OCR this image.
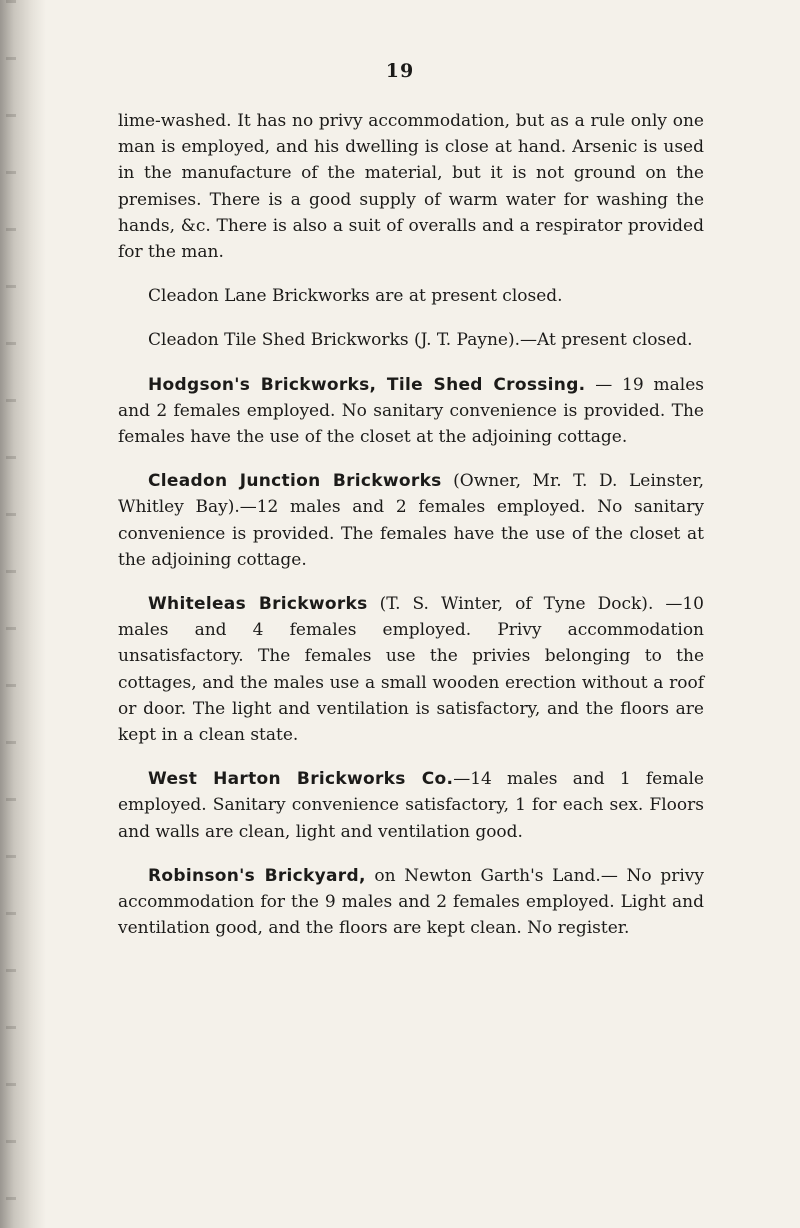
19

lime-washed. It has no privy accommodation, but as a rule only one man is employed, and his dwelling is close at hand. Arsenic is used in the manufacture of the material, but it is not ground on the premises. There is a good supply of warm water for washing the hands, &c. There is also a suit of overalls and a respirator provided for the man.

Cleadon Lane Brickworks are at present closed.

Cleadon Tile Shed Brickworks (J. T. Payne).—At present closed.

Hodgson's Brickworks, Tile Shed Crossing. — 19 males and 2 females employed. No sanitary convenience is provided. The females have the use of the closet at the adjoining cottage.

Cleadon Junction Brickworks (Owner, Mr. T. D. Leinster, Whitley Bay).—12 males and 2 females employed. No sanitary convenience is provided. The females have the use of the closet at the adjoining cottage.

Whiteleas Brickworks (T. S. Winter, of Tyne Dock). —10 males and 4 females employed. Privy accommodation unsatisfactory. The females use the privies belonging to the cottages, and the males use a small wooden erection without a roof or door. The light and ventilation is satisfactory, and the floors are kept in a clean state.

West Harton Brickworks Co.—14 males and 1 female employed. Sanitary convenience satisfactory, 1 for each sex. Floors and walls are clean, light and ventilation good.

Robinson's Brickyard, on Newton Garth's Land.— No privy accommodation for the 9 males and 2 females employed. Light and ventilation good, and the floors are kept clean. No register.
